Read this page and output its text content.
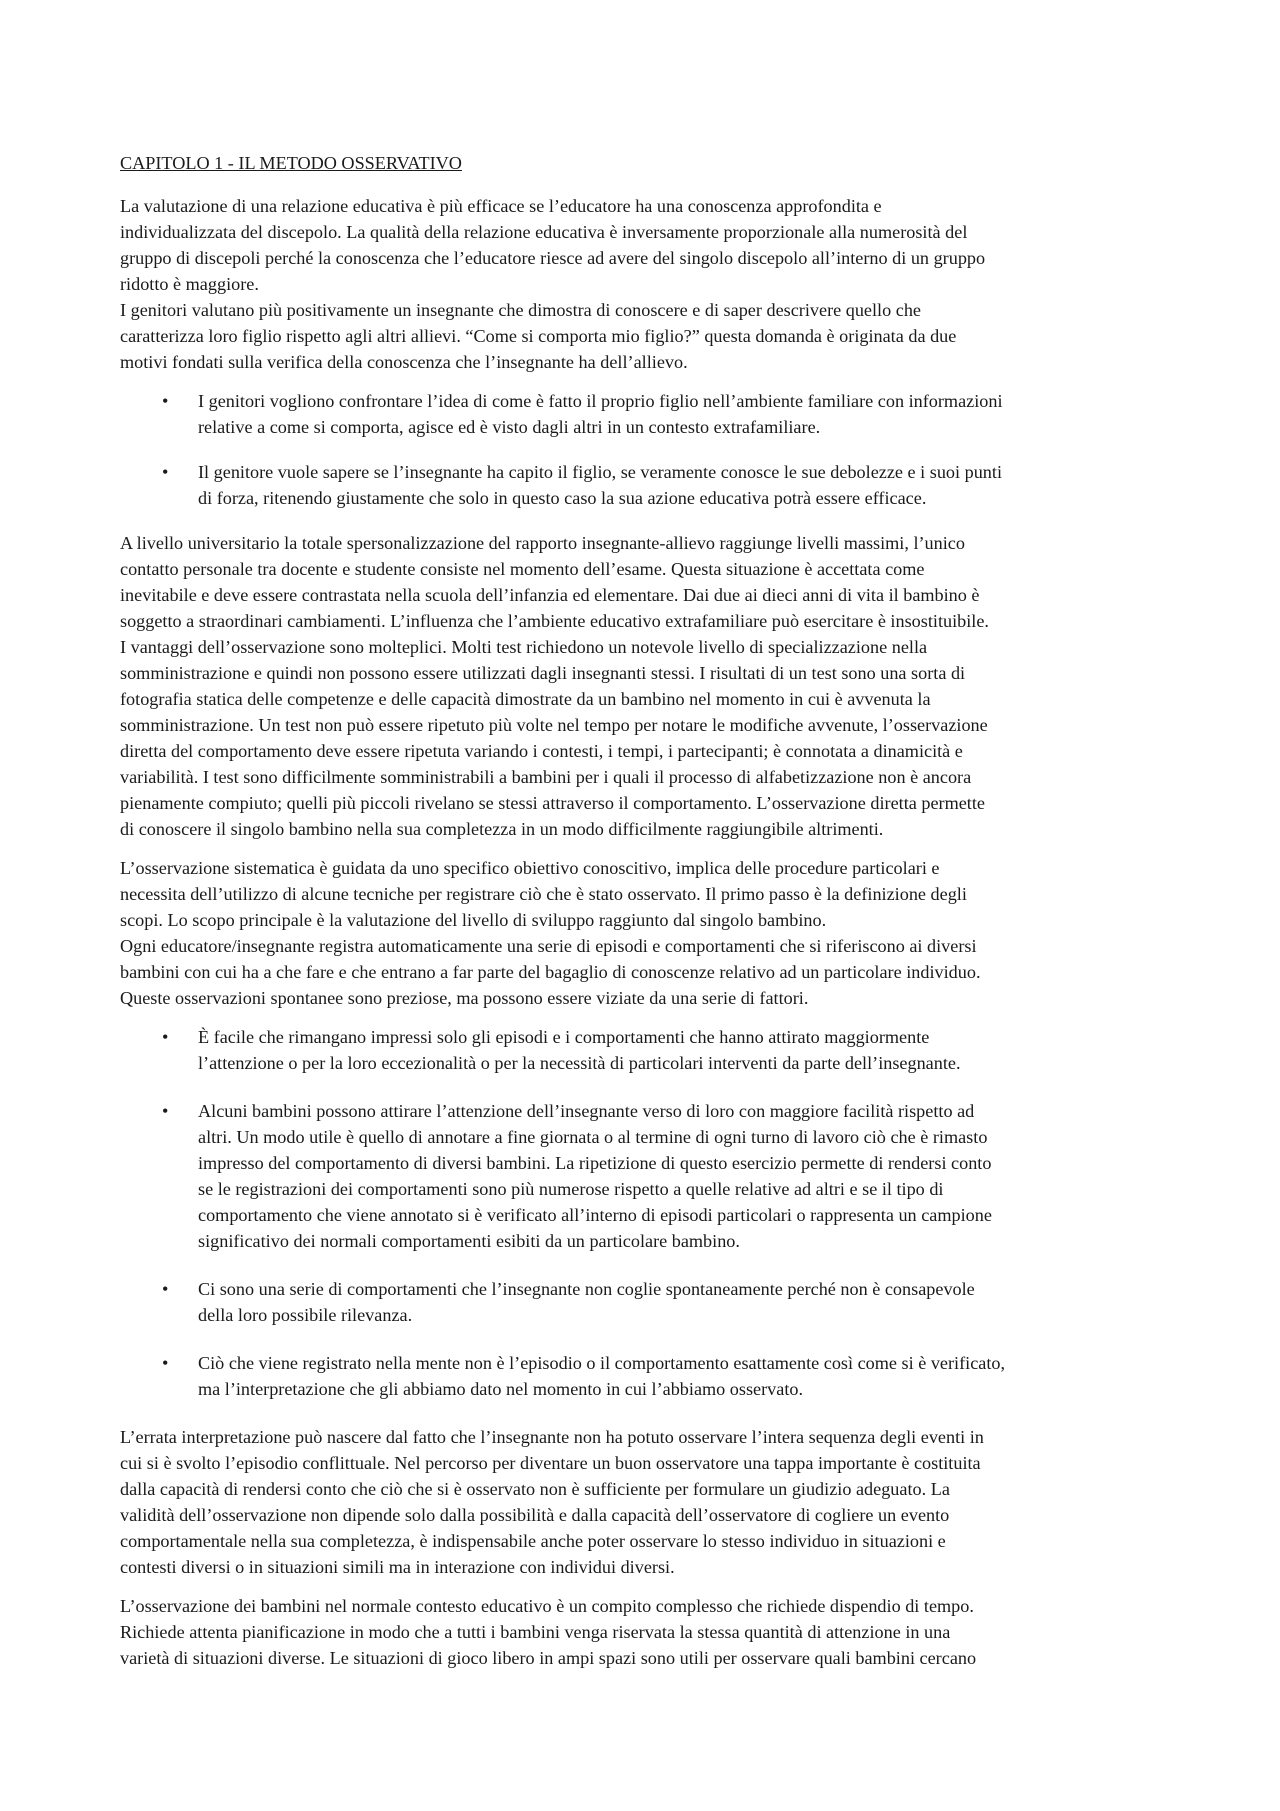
CAPITOLO 1 - IL METODO OSSERVATIVO

La valutazione di una relazione educativa è più efficace se l’educatore ha una conoscenza approfondita e
individualizzata del discepolo. La qualità della relazione educativa è inversamente proporzionale alla numerosità del
gruppo di discepoli perché la conoscenza che l’educatore riesce ad avere del singolo discepolo all’interno di un gruppo
ridotto è maggiore.
I genitori valutano più positivamente un insegnante che dimostra di conoscere e di saper descrivere quello che
caratterizza loro figlio rispetto agli altri allievi. “Come si comporta mio figlio?” questa domanda è originata da due
motivi fondati sulla verifica della conoscenza che l’insegnante ha dell’allievo.

• I genitori vogliono confrontare l’idea di come è fatto il proprio figlio nell’ambiente familiare con informazioni
relative a come si comporta, agisce ed è visto dagli altri in un contesto extrafamiliare.
• Il genitore vuole sapere se l’insegnante ha capito il figlio, se veramente conosce le sue debolezze e i suoi punti
di forza, ritenendo giustamente che solo in questo caso la sua azione educativa potrà essere efficace.

A livello universitario la totale spersonalizzazione del rapporto insegnante-allievo raggiunge livelli massimi, l’unico
contatto personale tra docente e studente consiste nel momento dell’esame. Questa situazione è accettata come
inevitabile e deve essere contrastata nella scuola dell’infanzia ed elementare. Dai due ai dieci anni di vita il bambino è
soggetto a straordinari cambiamenti. L’influenza che l’ambiente educativo extrafamiliare può esercitare è insostituibile.
I vantaggi dell’osservazione sono molteplici. Molti test richiedono un notevole livello di specializzazione nella
somministrazione e quindi non possono essere utilizzati dagli insegnanti stessi. I risultati di un test sono una sorta di
fotografia statica delle competenze e delle capacità dimostrate da un bambino nel momento in cui è avvenuta la
somministrazione. Un test non può essere ripetuto più volte nel tempo per notare le modifiche avvenute, l’osservazione
diretta del comportamento deve essere ripetuta variando i contesti, i tempi, i partecipanti; è connotata a dinamicità e
variabilità. I test sono difficilmente somministrabili a bambini per i quali il processo di alfabetizzazione non è ancora
pienamente compiuto; quelli più piccoli rivelano se stessi attraverso il comportamento. L’osservazione diretta permette
di conoscere il singolo bambino nella sua completezza in un modo difficilmente raggiungibile altrimenti.

L’osservazione sistematica è guidata da uno specifico obiettivo conoscitivo, implica delle procedure particolari e
necessita dell’utilizzo di alcune tecniche per registrare ciò che è stato osservato. Il primo passo è la definizione degli
scopi. Lo scopo principale è la valutazione del livello di sviluppo raggiunto dal singolo bambino.
Ogni educatore/insegnante registra automaticamente una serie di episodi e comportamenti che si riferiscono ai diversi
bambini con cui ha a che fare e che entrano a far parte del bagaglio di conoscenze relativo ad un particolare individuo.
Queste osservazioni spontanee sono preziose, ma possono essere viziate da una serie di fattori.

• È facile che rimangano impressi solo gli episodi e i comportamenti che hanno attirato maggiormente
l’attenzione o per la loro eccezionalità o per la necessità di particolari interventi da parte dell’insegnante.
• Alcuni bambini possono attirare l’attenzione dell’insegnante verso di loro con maggiore facilità rispetto ad
altri. Un modo utile è quello di annotare a fine giornata o al termine di ogni turno di lavoro ciò che è rimasto
impresso del comportamento di diversi bambini. La ripetizione di questo esercizio permette di rendersi conto
se le registrazioni dei comportamenti sono più numerose rispetto a quelle relative ad altri e se il tipo di
comportamento che viene annotato si è verificato all’interno di episodi particolari o rappresenta un campione
significativo dei normali comportamenti esibiti da un particolare bambino.
• Ci sono una serie di comportamenti che l’insegnante non coglie spontaneamente perché non è consapevole
della loro possibile rilevanza.
• Ciò che viene registrato nella mente non è l’episodio o il comportamento esattamente così come si è verificato,
ma l’interpretazione che gli abbiamo dato nel momento in cui l’abbiamo osservato.

L’errata interpretazione può nascere dal fatto che l’insegnante non ha potuto osservare l’intera sequenza degli eventi in
cui si è svolto l’episodio conflittuale. Nel percorso per diventare un buon osservatore una tappa importante è costituita
dalla capacità di rendersi conto che ciò che si è osservato non è sufficiente per formulare un giudizio adeguato. La
validità dell’osservazione non dipende solo dalla possibilità e dalla capacità dell’osservatore di cogliere un evento
comportamentale nella sua completezza, è indispensabile anche poter osservare lo stesso individuo in situazioni e
contesti diversi o in situazioni simili ma in interazione con individui diversi.

L’osservazione dei bambini nel normale contesto educativo è un compito complesso che richiede dispendio di tempo.
Richiede attenta pianificazione in modo che a tutti i bambini venga riservata la stessa quantità di attenzione in una
varietà di situazioni diverse. Le situazioni di gioco libero in ampi spazi sono utili per osservare quali bambini cercano
